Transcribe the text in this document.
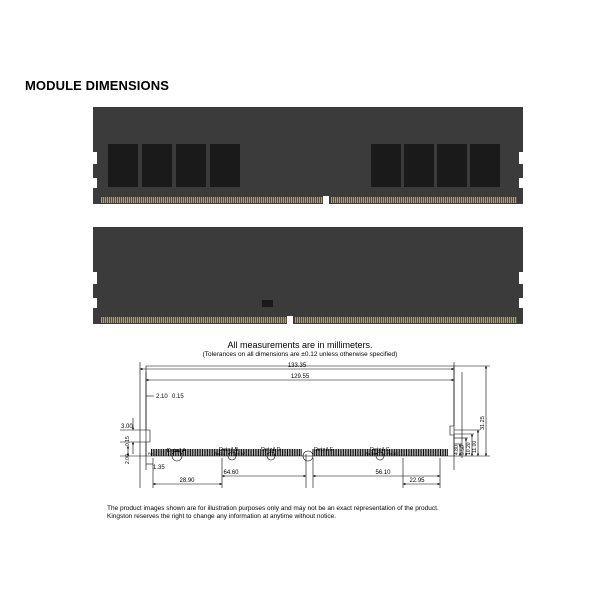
MODULE DIMENSIONS
All measurements are in millimeters.
(Tolerances on all dimensions are ±0.12 unless otherwise specified)
133.35
129.55
2.10 0.15
3.00
1.35
28.90
64.60	56.10
22.95
2.00
0.15
31.25
11.00
10.20
9.50
4.80
Detail A	Detail B	Detail D	Detail E	Detail C
Pin 1	Pin 33	Pin 67	Pin 100	Pin 117
The product images shown are for illustration purposes only and may not be an exact representation of the product.
Kingston reserves the right to change any information at anytime without notice.
